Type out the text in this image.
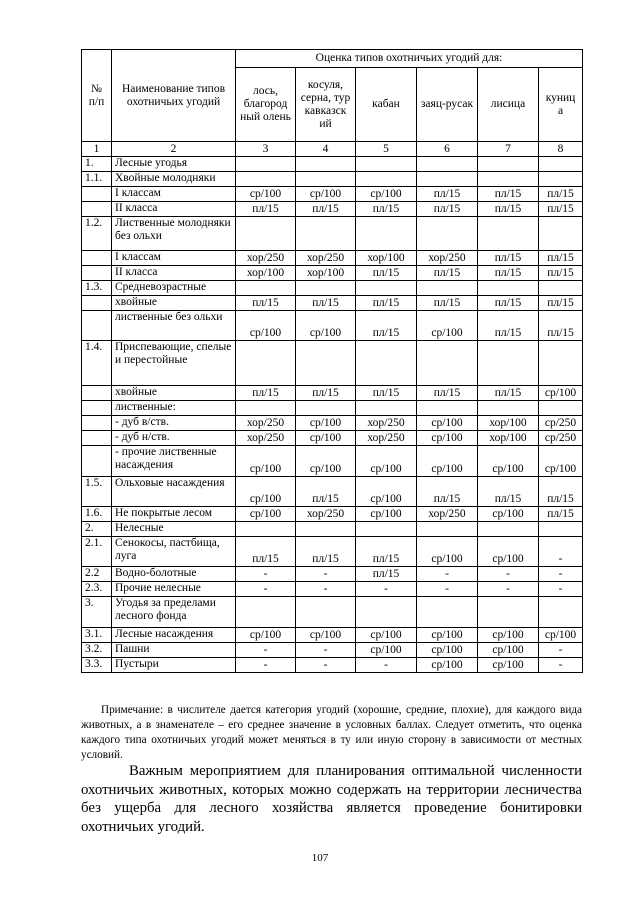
№ п/п	Наименование типов охотничьих угодий	Оценка типов охотничьих угодий для:					
		лось, благород ный олень	косуля, серна, тур кавказск ий	кабан	заяц-русак	лисица	куниц а
1	2	3	4	5	6	7	8
1.	Лесные угодья						
1.1.	Хвойные молодняки						
	I классам	ср/100	ср/100	ср/100	пл/15	пл/15	пл/15
	II класса	пл/15	пл/15	пл/15	пл/15	пл/15	пл/15
1.2.	Лиственные молодняки без ольхи						
	I классам	хор/250	хор/250	хор/100	хор/250	пл/15	пл/15
	II класса	хор/100	хор/100	пл/15	пл/15	пл/15	пл/15
1.3.	Средневозрастные						
	хвойные	пл/15	пл/15	пл/15	пл/15	пл/15	пл/15
	лиственные без ольхи	ср/100	ср/100	пл/15	ср/100	пл/15	пл/15
1.4.	Приспевающие, спелые и перестойные						
	хвойные	пл/15	пл/15	пл/15	пл/15	пл/15	ср/100
	лиственные:						
	- дуб в/ств.	хор/250	ср/100	хор/250	ср/100	хор/100	ср/250
	- дуб н/ств.	хор/250	ср/100	хор/250	ср/100	хор/100	ср/250
	- прочие лиственные насаждения	ср/100	ср/100	ср/100	ср/100	ср/100	ср/100
1.5.	Ольховые насаждения	ср/100	пл/15	ср/100	пл/15	пл/15	пл/15
1.6.	Не покрытые лесом	ср/100	хор/250	ср/100	хор/250	ср/100	пл/15
2.	Нелесные						
2.1.	Сенокосы, пастбища, луга	пл/15	пл/15	пл/15	ср/100	ср/100	-
2.2	Водно-болотные	-	-	пл/15	-	-	-
2.3.	Прочие нелесные	-	-	-	-	-	-
3.	Угодья за пределами лесного фонда						
3.1.	Лесные насаждения	ср/100	ср/100	ср/100	ср/100	ср/100	ср/100
3.2.	Пашни	-	-	ср/100	ср/100	ср/100	-
3.3.	Пустыри	-	-	-	ср/100	ср/100	-

Примечание: в числителе дается категория угодий (хорошие, средние, плохие), для каждого вида животных, а в знаменателе – его среднее значение в условных баллах. Следует отметить, что оценка каждого типа охотничьих угодий может меняться в ту или иную сторону в зависимости от местных условий.

Важным мероприятием для планирования оптимальной численности охотничьих животных, которых можно содержать на территории лесничества без ущерба для лесного хозяйства является проведение бонитировки охотничьих угодий.

107
